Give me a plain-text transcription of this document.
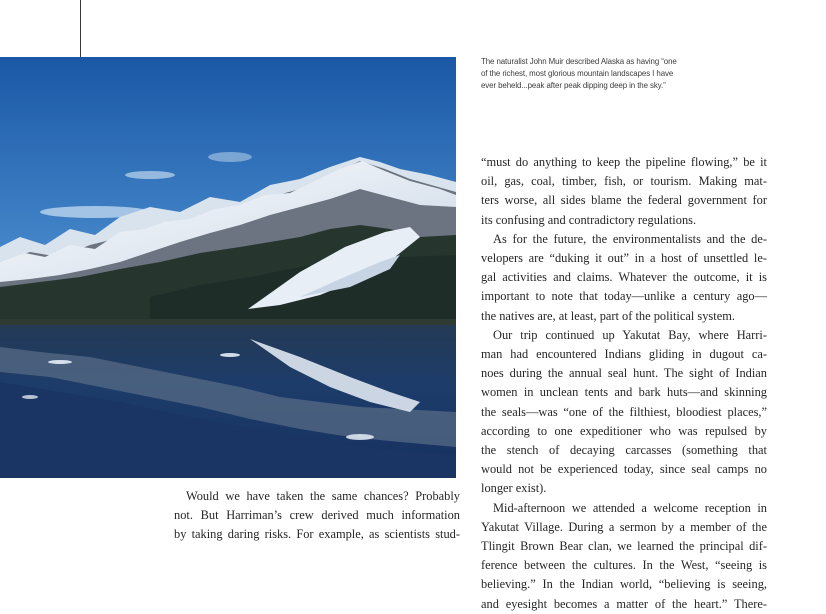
The naturalist John Muir described Alaska as having “one
of the richest, most glorious mountain landscapes I have
ever beheld...peak after peak dipping deep in the sky.”
“must do anything to keep the pipeline flowing,” be it
oil, gas, coal, timber, fish, or tourism. Making mat-
ters worse, all sides blame the federal government for
its confusing and contradictory regulations.
As for the future, the environmentalists and the de-
velopers are “duking it out” in a host of unsettled le-
gal activities and claims. Whatever the outcome, it is
important to note that today—unlike a century ago—
the natives are, at least, part of the political system.
Our trip continued up Yakutat Bay, where Harri-
man had encountered Indians gliding in dugout ca-
noes during the annual seal hunt. The sight of Indian
women in unclean tents and bark huts—and skinning
the seals—was “one of the filthiest, bloodiest places,”
according to one expeditioner who was repulsed by
the stench of decaying carcasses (something that
would not be experienced today, since seal camps no
longer exist).
Mid-afternoon we attended a welcome reception in
Yakutat Village. During a sermon by a member of the
Tlingit Brown Bear clan, we learned the principal dif-
ference between the cultures. In the West, “seeing is
believing.” In the Indian world, “believing is seeing,
and eyesight becomes a matter of the heart.” There-
Would we have taken the same chances? Probably
not. But Harriman’s crew derived much information
by taking daring risks. For example, as scientists stud-
